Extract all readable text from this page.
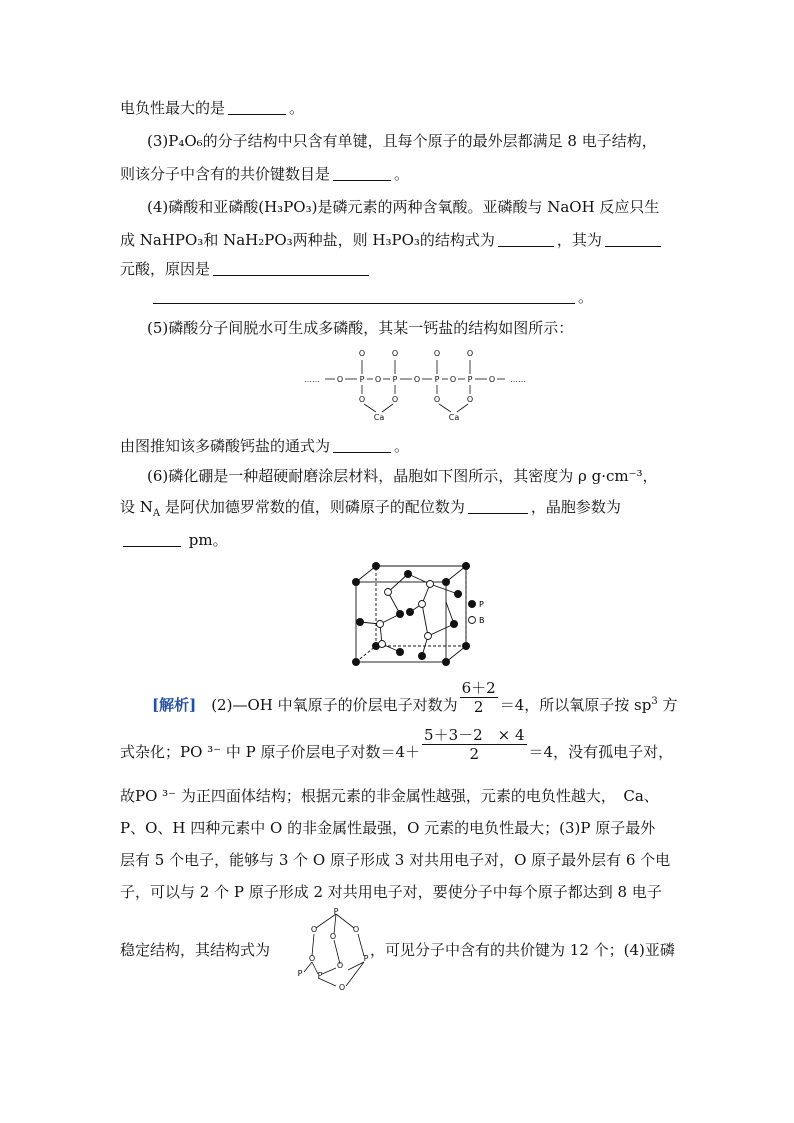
电负性最大的是	。
(3)P₄O₆的分子结构中只含有单键，且每个原子的最外层都满足 8 电子结构，
则该分子中含有的共价键数目是	。
(4)磷酸和亚磷酸(H₃PO₃)是磷元素的两种含氧酸。亚磷酸与 NaOH 反应只生
成 NaHPO₃和 NaH₂PO₃两种盐，则 H₃PO₃的结构式为	，其为
元酸，原因是
。
(5)磷酸分子间脱水可生成多磷酸，其某一钙盐的结构如图所示：
O	O	O	O
…… O P O P O P O P O ……
O	O	O	O
Ca	Ca
由图推知该多磷酸钙盐的通式为	。
(6)磷化硼是一种超硬耐磨涂层材料，晶胞如下图所示，其密度为 ρ g·cm⁻³，
设 $N_A$ 是阿伏加德罗常数的值，则磷原子的配位数为	，晶胞参数为
pm。
P
B
[解析]　(2)—OH 中氧原子的价层电子对数为 $\frac{6+2}{2} =4$，所以氧原子按 $sp^3$ 方
式杂化；PO ³⁻ 中 P 原子价层电子对数$=4+ \frac{5+3-2 \times 4}{2} =4$，没有孤电子对，
故PO ³⁻ 为正四面体结构；根据元素的非金属性越强，元素的电负性越大，　Ca、
P、O、H 四种元素中 O 的非金属性最强，O 元素的电负性最大；(3)P 原子最外
层有 5 个电子，能够与 3 个 O 原子形成 3 对共用电子对，O 原子最外层有 6 个电
子，可以与 2 个 P 原子形成 2 对共用电子对，要使分子中每个原子都达到 8 电子
稳定结构，其结构式为	，可见分子中含有的共价键为 12 个；(4)亚磷
P
O	O
O
O	P
O
P P
O
